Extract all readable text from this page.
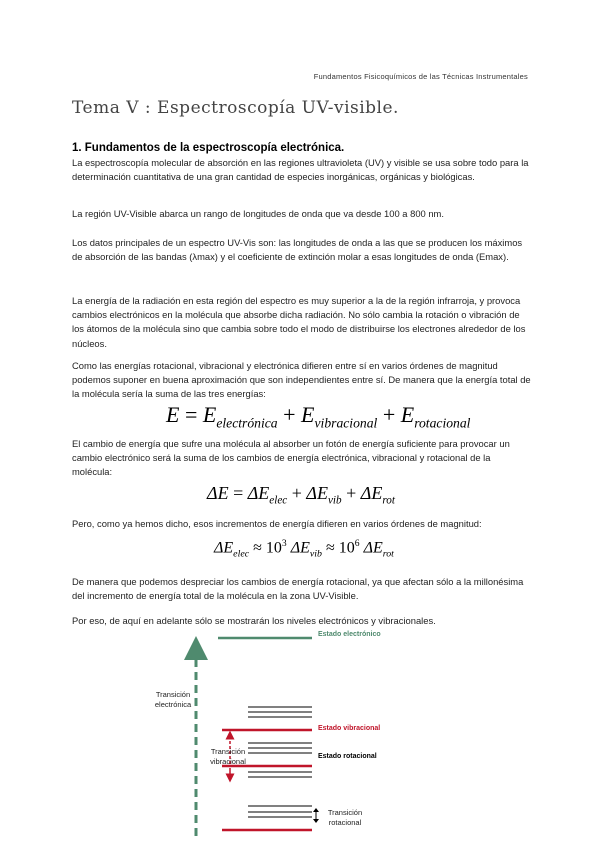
Fundamentos Fisicoquímicos de las Técnicas Instrumentales
Tema V : Espectroscopía UV-visible.
1. Fundamentos de la espectroscopía electrónica.
La espectroscopía molecular de absorción en las regiones ultravioleta (UV) y visible se usa sobre todo para la determinación cuantitativa de una gran cantidad de especies inorgánicas, orgánicas y biológicas.
La región UV-Visible abarca un rango de longitudes de onda que va desde 100 a 800 nm.
Los datos principales de un espectro UV-Vis son: las longitudes de onda a las que se producen los máximos de absorción de las bandas (λmax) y el coeficiente de extinción molar a esas longitudes de onda (Emax).
La energía de la radiación en esta región del espectro es muy superior a la de la región infrarroja, y provoca cambios electrónicos en la molécula que absorbe dicha radiación. No sólo cambia la rotación o vibración de los átomos de la molécula sino que cambia sobre todo el modo de distribuirse los electrones alrededor de los núcleos.
Como las energías rotacional, vibracional y electrónica difieren entre sí en varios órdenes de magnitud podemos suponer en buena aproximación que son independientes entre sí. De manera que la energía total de la molécula sería la suma de las tres energías:
$E = E_{electrónica} + E_{vibracional} + E_{rotacional}$
El cambio de energía que sufre una molécula al absorber un fotón de energía suficiente para provocar un cambio electrónico será la suma de los cambios de energía electrónica, vibracional y rotacional de la molécula:
$\Delta E = \Delta E_{elec} + \Delta E_{vib} + \Delta E_{rot}$
Pero, como ya hemos dicho, esos incrementos de energía difieren en varios órdenes de magnitud:
$\Delta E_{elec} \approx 10^3$ $\Delta E_{vib} \approx 10^6$ $\Delta E_{rot}$
De manera que podemos despreciar los cambios de energía rotacional, ya que afectan sólo a la millonésima del incremento de energía total de la molécula en la zona UV-Visible.
Por eso, de aquí en adelante sólo se mostrarán los niveles electrónicos y vibracionales.
Estado electrónico
Estado vibracional
Estado rotacional
Transición
electrónica
Transición
vibracional
Transición
rotacional
